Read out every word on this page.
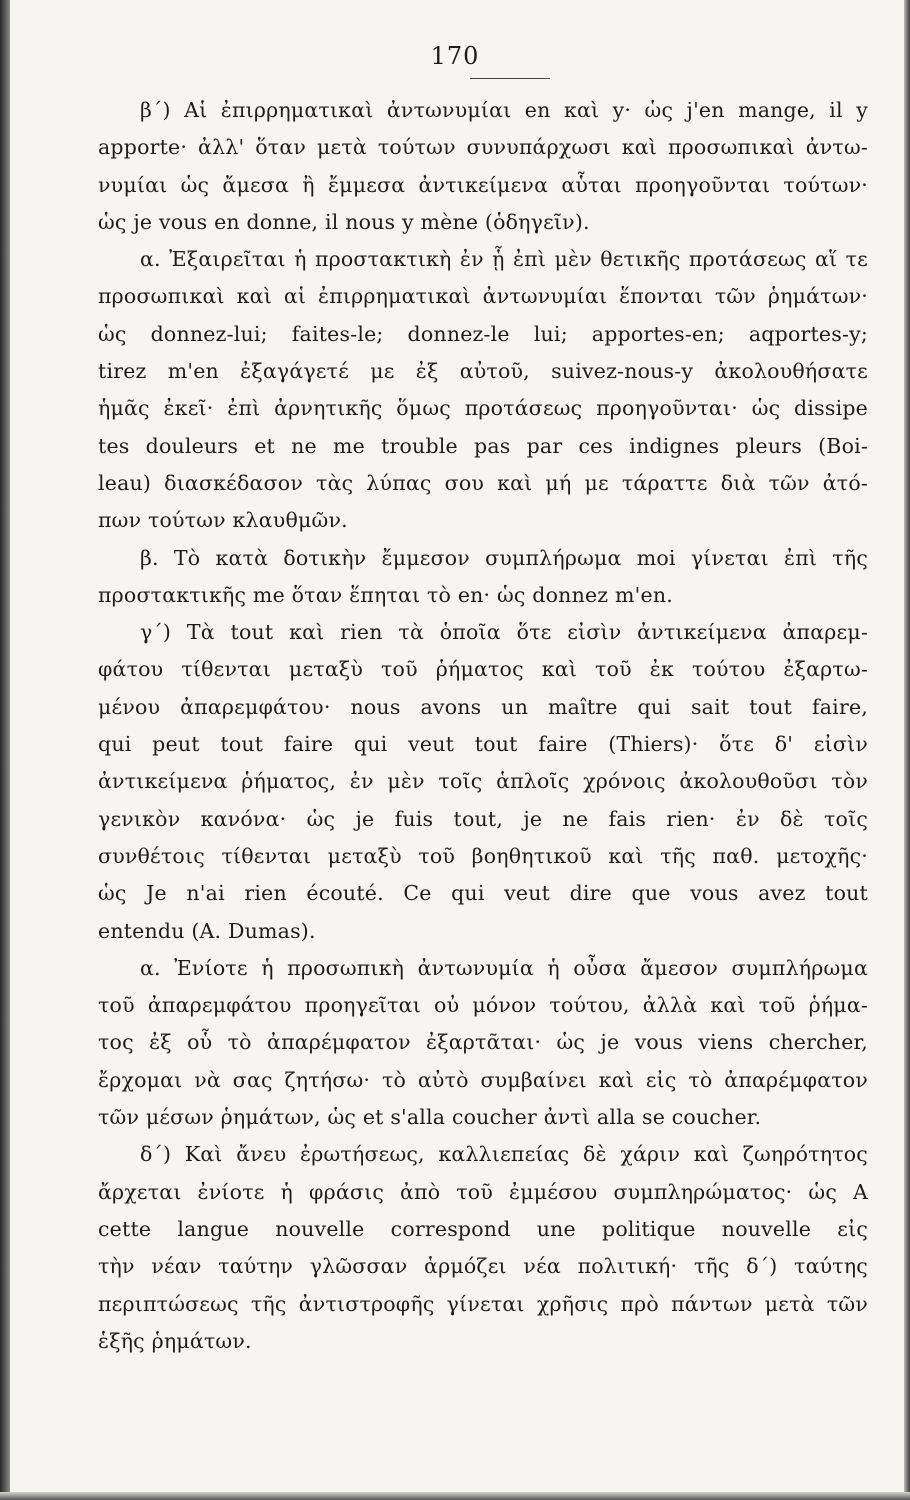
170
β΄) Αἱ ἐπιρρηματικαὶ ἀντωνυμίαι en καὶ y· ὡς j'en mange, il y
apporte· ἀλλ' ὅταν μετὰ τούτων συνυπάρχωσι καὶ προσωπικαὶ ἀντω-
νυμίαι ὡς ἄμεσα ἢ ἔμμεσα ἀντικείμενα αὗται προηγοῦνται τούτων·
ὡς je vous en donne, il nous y mène (ὁδηγεῖν).
α. Ἐξαιρεῖται ἡ προστακτικὴ ἐν ᾗ ἐπὶ μὲν θετικῆς προτάσεως αἵ τε
προσωπικαὶ καὶ αἱ ἐπιρρηματικαὶ ἀντωνυμίαι ἕπονται τῶν ῥημάτων·
ὡς donnez-lui; faites-le; donnez-le lui; apportes-en; aqportes-y;
tirez m'en ἐξαγάγετέ με ἐξ αὐτοῦ, suivez-nous-y ἀκολουθήσατε
ἡμᾶς ἐκεῖ· ἐπὶ ἀρνητικῆς ὅμως προτάσεως προηγοῦνται· ὡς dissipe
tes douleurs et ne me trouble pas par ces indignes pleurs (Boi-
leau) διασκέδασον τὰς λύπας σου καὶ μή με τάραττε διὰ τῶν ἀτό-
πων τούτων κλαυθμῶν.
β. Τὸ κατὰ δοτικὴν ἔμμεσον συμπλήρωμα moi γίνεται ἐπὶ τῆς
προστακτικῆς me ὅταν ἕπηται τὸ en· ὡς donnez m'en.
γ΄) Τὰ tout καὶ rien τὰ ὁποῖα ὅτε εἰσὶν ἀντικείμενα ἀπαρεμ-
φάτου τίθενται μεταξὺ τοῦ ῥήματος καὶ τοῦ ἐκ τούτου ἐξαρτω-
μένου ἀπαρεμφάτου· nous avons un maître qui sait tout faire,
qui peut tout faire qui veut tout faire (Thiers)· ὅτε δ' εἰσὶν
ἀντικείμενα ῥήματος, ἐν μὲν τοῖς ἁπλοῖς χρόνοις ἀκολουθοῦσι τὸν
γενικὸν κανόνα· ὡς je fuis tout, je ne fais rien· ἐν δὲ τοῖς
συνθέτοις τίθενται μεταξὺ τοῦ βοηθητικοῦ καὶ τῆς παθ. μετοχῆς·
ὡς Je n'ai rien écouté. Ce qui veut dire que vous avez tout
entendu (A. Dumas).
α. Ἐνίοτε ἡ προσωπικὴ ἀντωνυμία ἡ οὖσα ἄμεσον συμπλήρωμα
τοῦ ἀπαρεμφάτου προηγεῖται οὐ μόνον τούτου, ἀλλὰ καὶ τοῦ ῥήμα-
τος ἐξ οὗ τὸ ἀπαρέμφατον ἐξαρτᾶται· ὡς je vous viens chercher,
ἔρχομαι νὰ σας ζητήσω· τὸ αὐτὸ συμβαίνει καὶ εἰς τὸ ἀπαρέμφατον
τῶν μέσων ῥημάτων, ὡς et s'alla coucher ἀντὶ alla se coucher.
δ΄) Καὶ ἄνευ ἐρωτήσεως, καλλιεπείας δὲ χάριν καὶ ζωηρότητος
ἄρχεται ἐνίοτε ἡ φράσις ἀπὸ τοῦ ἐμμέσου συμπληρώματος· ὡς A
cette langue nouvelle correspond une politique nouvelle εἰς
τὴν νέαν ταύτην γλῶσσαν ἁρμόζει νέα πολιτική· τῆς δ΄) ταύτης
περιπτώσεως τῆς ἀντιστροφῆς γίνεται χρῆσις πρὸ πάντων μετὰ τῶν
ἑξῆς ῥημάτων.
